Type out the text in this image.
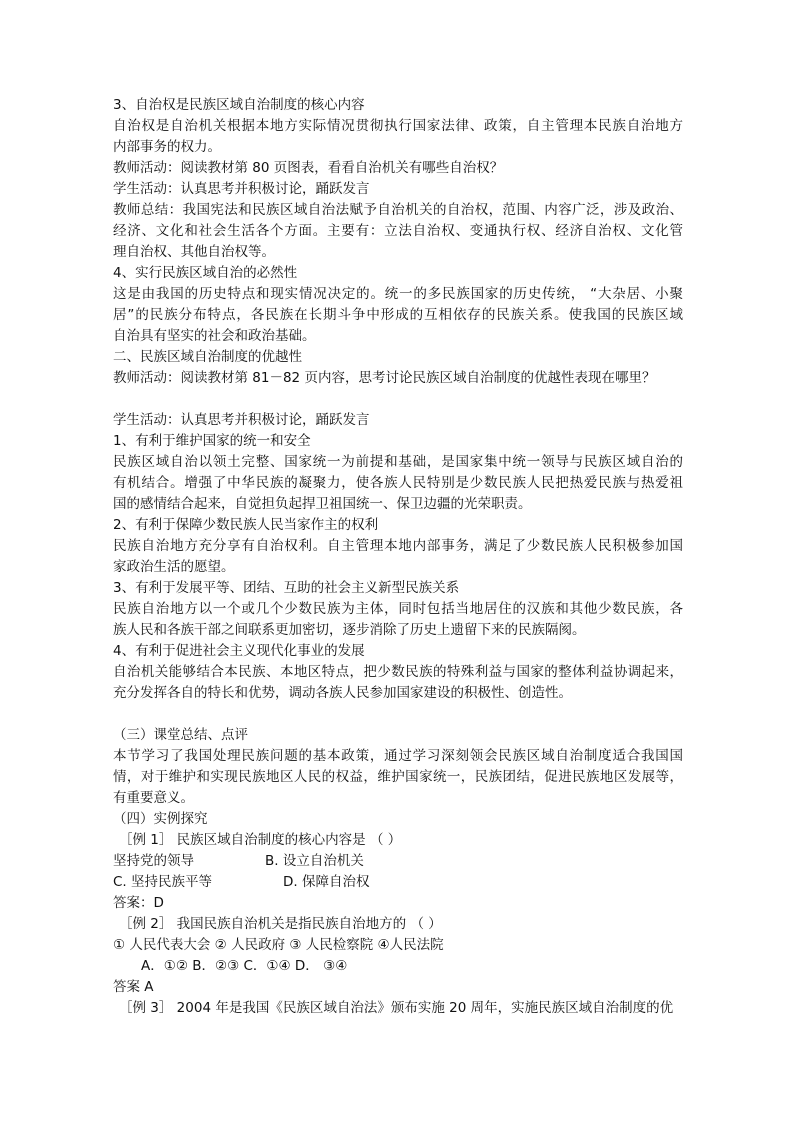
3、自治权是民族区域自治制度的核心内容
自治权是自治机关根据本地方实际情况贯彻执行国家法律、政策，自主管理本民族自治地方
内部事务的权力。
教师活动：阅读教材第 80 页图表，看看自治机关有哪些自治权？
学生活动：认真思考并积极讨论，踊跃发言
教师总结：我国宪法和民族区域自治法赋予自治机关的自治权，范围、内容广泛，涉及政治、
经济、文化和社会生活各个方面。主要有：立法自治权、变通执行权、经济自治权、文化管
理自治权、其他自治权等。
4、实行民族区域自治的必然性
这是由我国的历史特点和现实情况决定的。统一的多民族国家的历史传统， “大杂居、小聚
居”的民族分布特点，各民族在长期斗争中形成的互相依存的民族关系。使我国的民族区域
自治具有坚实的社会和政治基础。
二、民族区域自治制度的优越性
教师活动：阅读教材第 81－82 页内容，思考讨论民族区域自治制度的优越性表现在哪里？
学生活动：认真思考并积极讨论，踊跃发言
1、有利于维护国家的统一和安全
民族区域自治以领土完整、国家统一为前提和基础，是国家集中统一领导与民族区域自治的
有机结合。增强了中华民族的凝聚力，使各族人民特别是少数民族人民把热爱民族与热爱祖
国的感情结合起来，自觉担负起捍卫祖国统一、保卫边疆的光荣职责。
2、有利于保障少数民族人民当家作主的权利
民族自治地方充分享有自治权利。自主管理本地内部事务，满足了少数民族人民积极参加国
家政治生活的愿望。
3、有利于发展平等、团结、互助的社会主义新型民族关系
民族自治地方以一个或几个少数民族为主体，同时包括当地居住的汉族和其他少数民族，各
族人民和各族干部之间联系更加密切，逐步消除了历史上遗留下来的民族隔阂。
4、有利于促进社会主义现代化事业的发展
自治机关能够结合本民族、本地区特点，把少数民族的特殊利益与国家的整体利益协调起来，
充分发挥各自的特长和优势，调动各族人民参加国家建设的积极性、创造性。
（三）课堂总结、点评
本节学习了我国处理民族问题的基本政策，通过学习深刻领会民族区域自治制度适合我国国
情，对于维护和实现民族地区人民的权益，维护国家统一，民族团结，促进民族地区发展等，
有重要意义。
（四）实例探究
［例 1］ 民族区域自治制度的核心内容是 （ ）
坚持党的领导	B. 设立自治机关
C. 坚持民族平等	D. 保障自治权
答案：D
［例 2］ 我国民族自治机关是指民族自治地方的 （ ）
① 人民代表大会 ② 人民政府 ③ 人民检察院 ④人民法院
A．①② B．②③ C．①④ D． ③④
答案 A
［例 3］ 2004 年是我国《民族区域自治法》颁布实施 20 周年，实施民族区域自治制度的优
